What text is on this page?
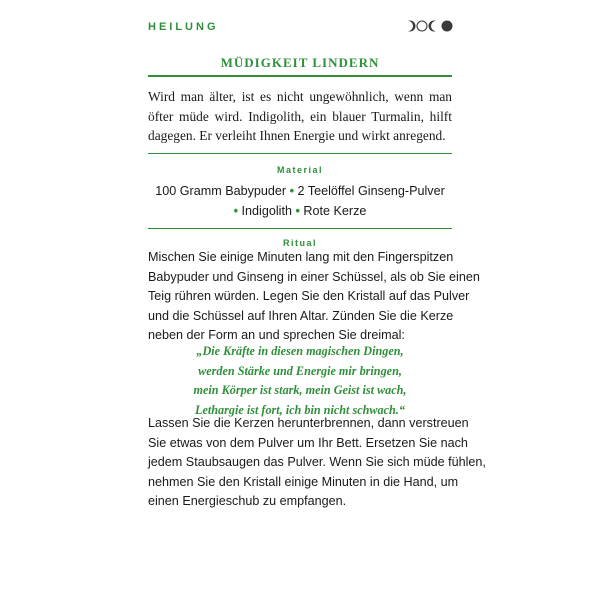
HEILUNG
MÜDIGKEIT LINDERN
Wird man älter, ist es nicht ungewöhnlich, wenn man
öfter müde wird. Indigolith, ein blauer Turmalin, hilft
dagegen. Er verleiht Ihnen Energie und wirkt anregend.
Material
100 Gramm Babypuder • 2 Teelöffel Ginseng-Pulver
• Indigolith • Rote Kerze
Ritual
Mischen Sie einige Minuten lang mit den Fingerspitzen
Babypuder und Ginseng in einer Schüssel, als ob Sie einen
Teig rühren würden. Legen Sie den Kristall auf das Pulver
und die Schüssel auf Ihren Altar. Zünden Sie die Kerze
neben der Form an und sprechen Sie dreimal:
„Die Kräfte in diesen magischen Dingen,
werden Stärke und Energie mir bringen,
mein Körper ist stark, mein Geist ist wach,
Lethargie ist fort, ich bin nicht schwach.“
Lassen Sie die Kerzen herunterbrennen, dann verstreuen
Sie etwas von dem Pulver um Ihr Bett. Ersetzen Sie nach
jedem Staubsaugen das Pulver. Wenn Sie sich müde fühlen,
nehmen Sie den Kristall einige Minuten in die Hand, um
einen Energieschub zu empfangen.
